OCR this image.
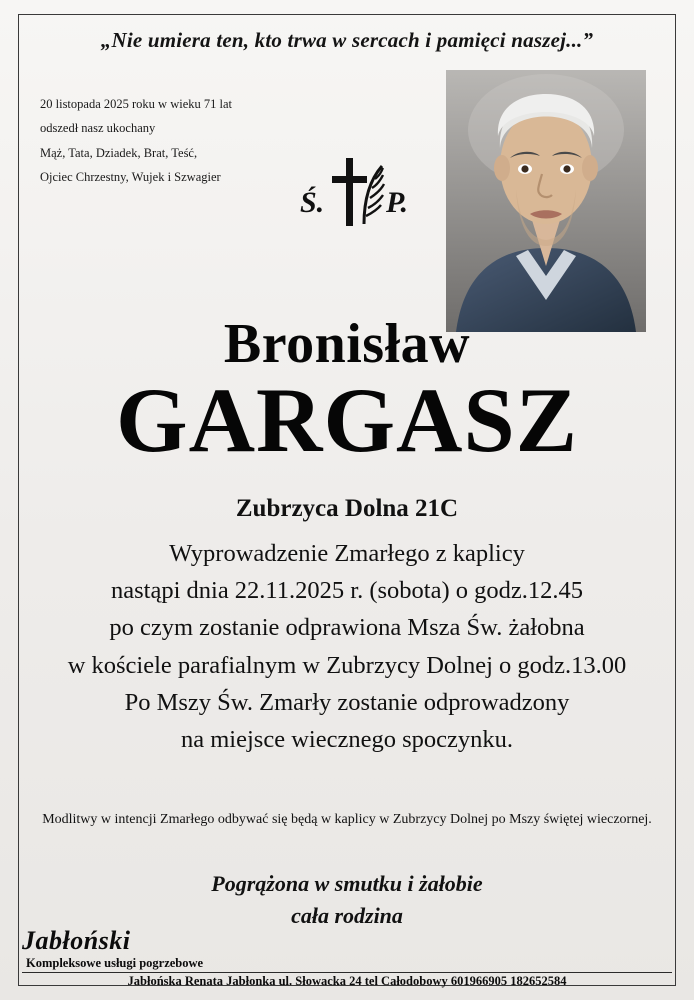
„Nie umiera ten, kto trwa w sercach i pamięci naszej...”
20 listopada 2025 roku w wieku 71 lat
odszedł nasz ukochany
Mąż, Tata, Dziadek, Brat, Teść,
Ojciec Chrzestny, Wujek i Szwagier
Ś. P.
Bronisław
GARGASZ
Zubrzyca Dolna 21C
Wyprowadzenie Zmarłego z kaplicy
nastąpi dnia 22.11.2025 r. (sobota) o godz.12.45
po czym zostanie odprawiona Msza Św. żałobna
w kościele parafialnym w Zubrzycy Dolnej o godz.13.00
Po Mszy Św. Zmarły zostanie odprowadzony
na miejsce wiecznego spoczynku.
Modlitwy w intencji Zmarłego odbywać się będą w kaplicy w Zubrzycy Dolnej po Mszy świętej wieczornej.
Pogrążona w smutku i żałobie
cała rodzina
Jabłoński
Kompleksowe usługi pogrzebowe
Jabłońska Renata Jabłonka ul. Słowacka 24 tel Całodobowy 601966905 182652584
